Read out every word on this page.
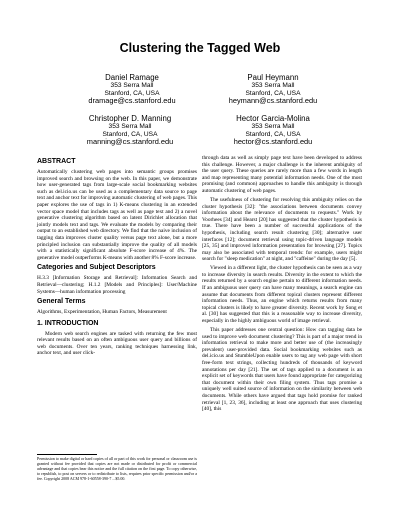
Clustering the Tagged Web
Daniel Ramage
353 Serra Mall
Stanford, CA, USA
dramage@cs.stanford.edu
Paul Heymann
353 Serra Mall
Stanford, CA, USA
heymann@cs.stanford.edu
Christopher D. Manning
353 Serra Mall
Stanford, CA, USA
manning@cs.stanford.edu
Hector Garcia-Molina
353 Serra Mall
Stanford, CA, USA
hector@cs.stanford.edu
ABSTRACT

Automatically clustering web pages into semantic groups promises improved search and browsing on the web. In this paper, we demonstrate how user-generated tags from large-scale social bookmarking websites such as del.icio.us can be used as a complementary data source to page text and anchor text for improving automatic clustering of web pages. This paper explores the use of tags in 1) K-means clustering in an extended vector space model that includes tags as well as page text and 2) a novel generative clustering algorithm based on latent Dirichlet allocation that jointly models text and tags. We evaluate the models by comparing their output to an established web directory. We find that the naive inclusion of tagging data improves cluster quality versus page text alone, but a more principled inclusion can substantially improve the quality of all models with a statistically significant absolute F-score increase of 4%. The generative model outperforms K-means with another 8% F-score increase.

Categories and Subject Descriptors

H.3.3 [Information Storage and Retrieval]: Information Search and Retrieval—clustering; H.1.2 [Models and Principles]: User/Machine Systems—human information processing

General Terms

Algorithms, Experimentation, Human Factors, Measurement

1. INTRODUCTION

Modern web search engines are tasked with returning the few most relevant results based on an often ambiguous user query and billions of web documents. Over ten years, ranking techniques harnessing link, anchor text, and user click-

Permission to make digital or hard copies of all or part of this work for personal or classroom use is granted without fee provided that copies are not made or distributed for profit or commercial advantage and that copies bear this notice and the full citation on the first page. To copy otherwise, to republish, to post on servers or to redistribute to lists, requires prior specific permission and/or a fee. Copyright 2008 ACM 978-1-60558-390-7 ...$5.00.

through data as well as simply page text have been developed to address this challenge. However, a major challenge is the inherent ambiguity of the user query. These queries are rarely more than a few words in length and map representing many potential information needs. One of the most promising (and common) approaches to handle this ambiguity is through automatic clustering of web pages.

The usefulness of clustering for resolving this ambiguity relies on the cluster hypothesis [32]: "the associations between documents convey information about the relevance of documents to requests." Work by Voorhees [34] and Hearst [20] has suggested that the cluster hypothesis is true. There have been a number of successful applications of the hypothesis, including search result clustering [30]; alternative user interfaces [12]; document retrieval using topic-driven language models [25, 35] and improved information presentation for browsing [27]. Topics may also be associated with temporal trends: for example, users might search for "sleep medication" at night, and "caffeine" during the day [5].

Viewed in a different light, the cluster hypothesis can be seen as a way to increase diversity in search results. Diversity in the extent to which the results returned by a search engine pertain to different information needs. If an ambiguous user query can have many meanings, a search engine can assume that documents from different topical clusters represent different information needs. Thus, an engine which returns results from many topical clusters is likely to have greater diversity. Recent work by Song et al. [30] has suggested that this is a reasonable way to increase diversity, especially in the highly ambiguous world of image retrieval.

This paper addresses one central question: How can tagging data be used to improve web document clustering? This is part of a major trend in information retrieval to make more and better use of (the increasingly prevalent) user-provided data. Social bookmarking websites such as del.icio.us and StumbleUpon enable users to tag any web page with short free-form text strings, collecting hundreds of thousands of keyword annotations per day [21]. The set of tags applied to a document is an explicit set of keywords that users have found appropriate for categorizing that document within their own filing system. Thus tags promise a uniquely well suited source of information on the similarity between web documents. While others have argued that tags hold promise for ranked retrieval [1, 23, 36], including at least one approach that uses clustering [40], this
